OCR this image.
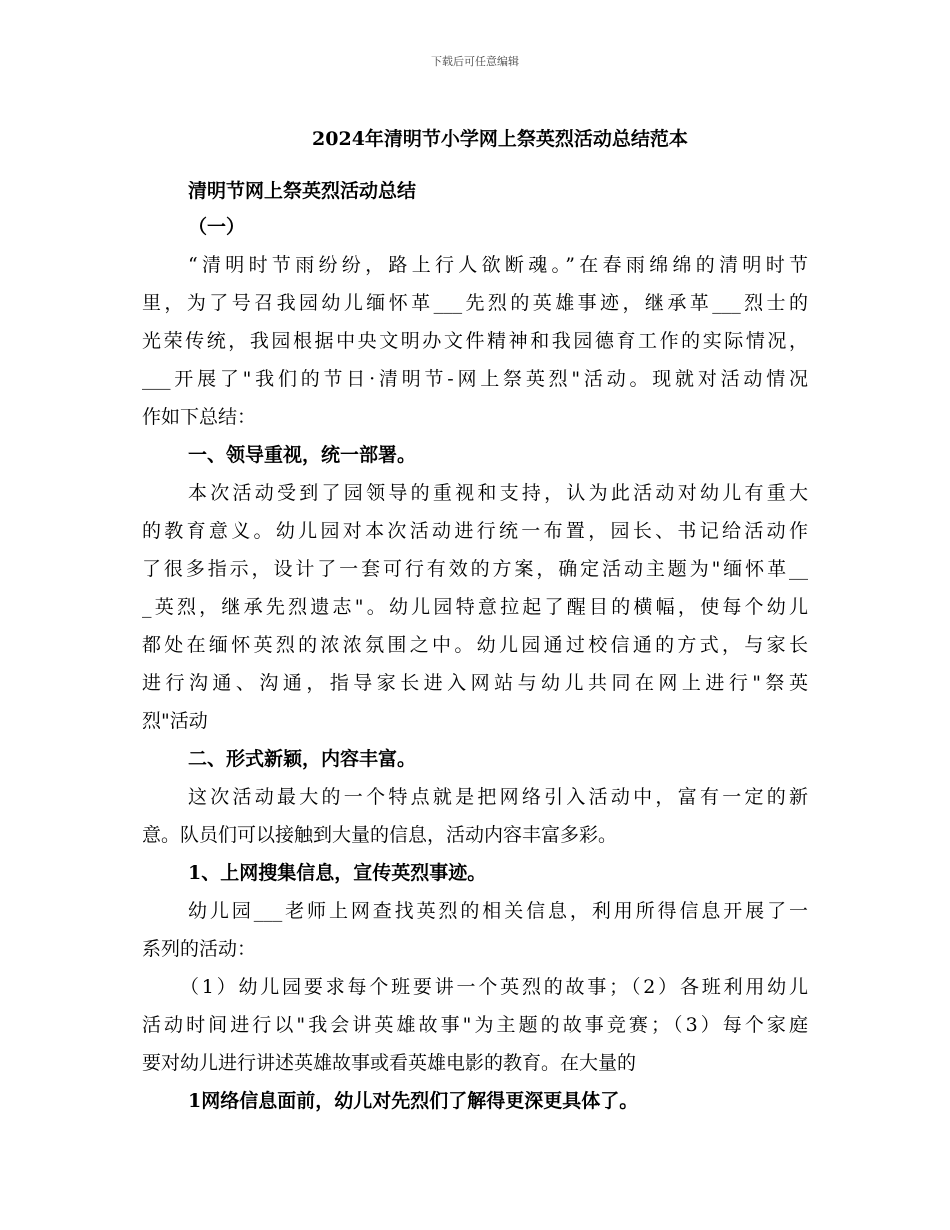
下载后可任意编辑
2024年清明节小学网上祭英烈活动总结范本
清明节网上祭英烈活动总结
（一）
“清明时节雨纷纷，路上行人欲断魂。”在春雨绵绵的清明时节
里，为了号召我园幼儿缅怀革___先烈的英雄事迹，继承革___烈士的
光荣传统，我园根据中央文明办文件精神和我园德育工作的实际情况，
___开展了"我们的节日·清明节-网上祭英烈"活动。现就对活动情况
作如下总结：
一、领导重视，统一部署。
本次活动受到了园领导的重视和支持，认为此活动对幼儿有重大
的教育意义。幼儿园对本次活动进行统一布置，园长、书记给活动作
了很多指示，设计了一套可行有效的方案，确定活动主题为"缅怀革__
_英烈，继承先烈遗志"。幼儿园特意拉起了醒目的横幅，使每个幼儿
都处在缅怀英烈的浓浓氛围之中。幼儿园通过校信通的方式，与家长
进行沟通、沟通，指导家长进入网站与幼儿共同在网上进行"祭英
烈"活动
二、形式新颖，内容丰富。
这次活动最大的一个特点就是把网络引入活动中，富有一定的新
意。队员们可以接触到大量的信息，活动内容丰富多彩。
1、上网搜集信息，宣传英烈事迹。
幼儿园___老师上网查找英烈的相关信息，利用所得信息开展了一
系列的活动：
（1）幼儿园要求每个班要讲一个英烈的故事；（2）各班利用幼儿
活动时间进行以"我会讲英雄故事"为主题的故事竞赛；（3）每个家庭
要对幼儿进行讲述英雄故事或看英雄电影的教育。在大量的
1网络信息面前，幼儿对先烈们了解得更深更具体了。
